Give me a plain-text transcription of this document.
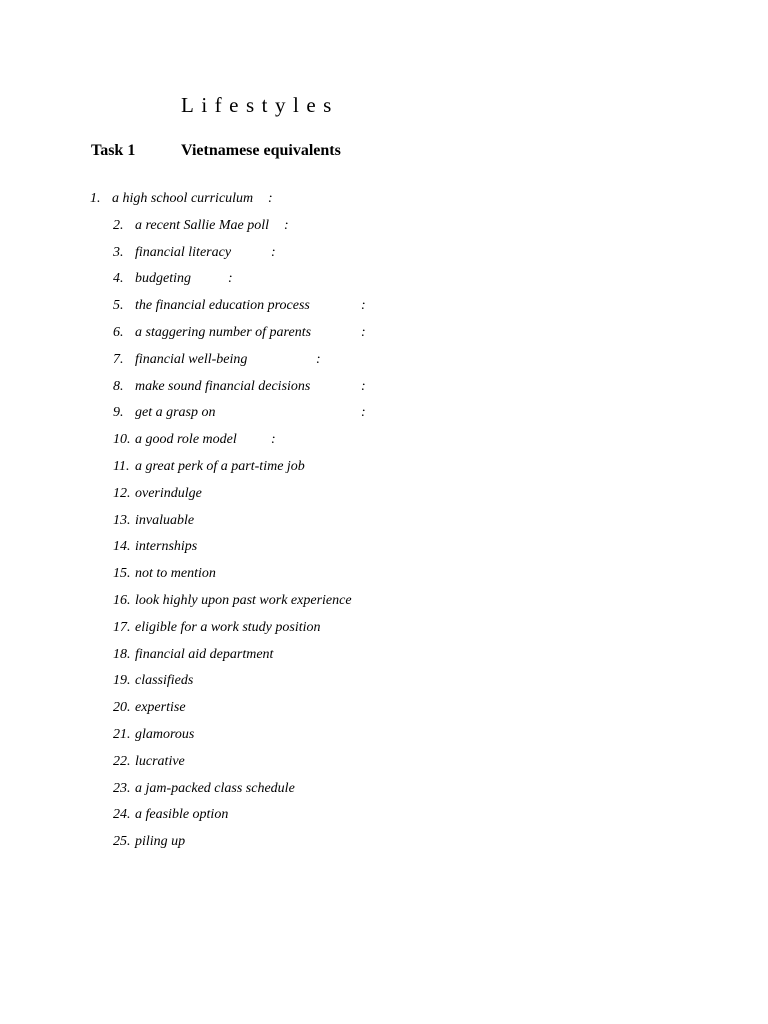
Lifestyles
Task 1	Vietnamese equivalents
1. a high school curriculum :
2. a recent Sallie Mae poll :
3. financial literacy	:
4. budgeting	:
5. the financial education process	:
6. a staggering number of parents	:
7. financial well-being	:
8. make sound financial decisions	:
9. get a grasp on	:
10. a good role model :
11. a great perk of a part-time job
12. overindulge
13. invaluable
14. internships
15. not to mention
16. look highly upon past work experience
17. eligible for a work study position
18. financial aid department
19. classifieds
20. expertise
21. glamorous
22. lucrative
23. a jam-packed class schedule
24. a feasible option
25. piling up
